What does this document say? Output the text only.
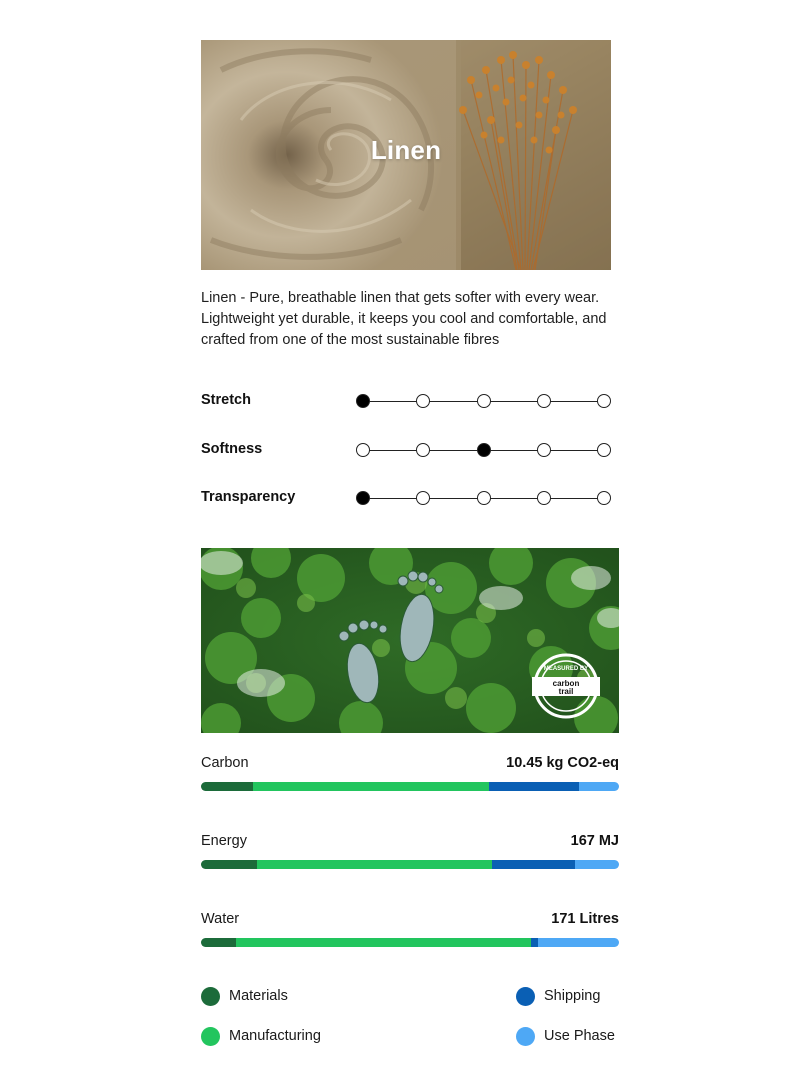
Linen

Linen - Pure, breathable linen that gets softer with every wear. Lightweight yet durable, it keeps you cool and comfortable, and crafted from one of the most sustainable fibres

Stretch
Softness
Transparency
MEASURED BY
carbon
trail
Carbon	10.45 kg CO2-eq
Energy	167 MJ
Water	171 Litres
Materials
Manufacturing
Shipping
Use Phase
